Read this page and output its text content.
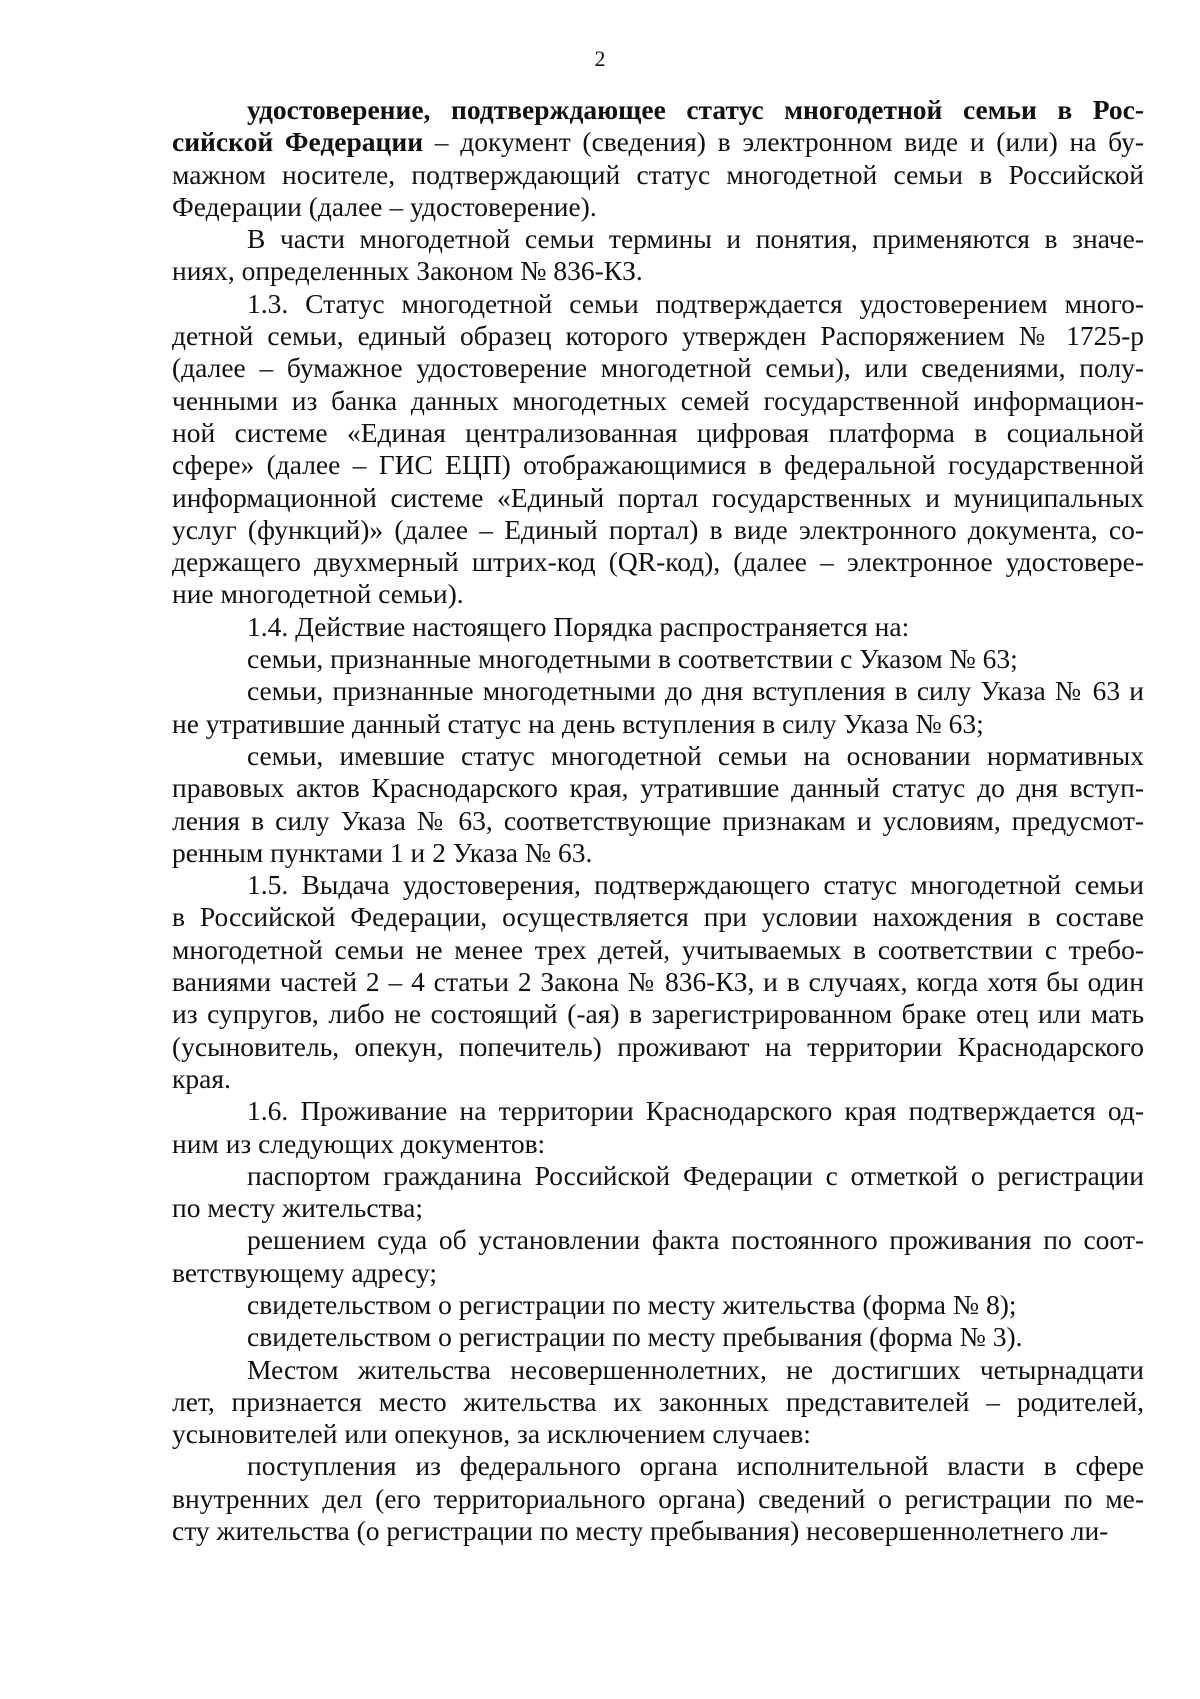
2
удостоверение, подтверждающее статус многодетной семьи в Рос-
сийской Федерации – документ (сведения) в электронном виде и (или) на бу-
мажном носителе, подтверждающий статус многодетной семьи в Российской
Федерации (далее – удостоверение).
В части многодетной семьи термины и понятия, применяются в значе-
ниях, определенных Законом № 836-КЗ.
1.3. Статус многодетной семьи подтверждается удостоверением много-
детной семьи, единый образец которого утвержден Распоряжением № 1725-р
(далее – бумажное удостоверение многодетной семьи), или сведениями, полу-
ченными из банка данных многодетных семей государственной информацион-
ной системе «Единая централизованная цифровая платформа в социальной
сфере» (далее – ГИС ЕЦП) отображающимися в федеральной государственной
информационной системе «Единый портал государственных и муниципальных
услуг (функций)» (далее – Единый портал) в виде электронного документа, со-
держащего двухмерный штрих-код (QR-код), (далее – электронное удостовере-
ние многодетной семьи).
1.4. Действие настоящего Порядка распространяется на:
семьи, признанные многодетными в соответствии с Указом № 63;
семьи, признанные многодетными до дня вступления в силу Указа № 63 и
не утратившие данный статус на день вступления в силу Указа № 63;
семьи, имевшие статус многодетной семьи на основании нормативных
правовых актов Краснодарского края, утратившие данный статус до дня вступ-
ления в силу Указа № 63, соответствующие признакам и условиям, предусмот-
ренным пунктами 1 и 2 Указа № 63.
1.5. Выдача удостоверения, подтверждающего статус многодетной семьи
в Российской Федерации, осуществляется при условии нахождения в составе
многодетной семьи не менее трех детей, учитываемых в соответствии с требо-
ваниями частей 2 – 4 статьи 2 Закона № 836-КЗ, и в случаях, когда хотя бы один
из супругов, либо не состоящий (-ая) в зарегистрированном браке отец или мать
(усыновитель, опекун, попечитель) проживают на территории Краснодарского
края.
1.6. Проживание на территории Краснодарского края подтверждается од-
ним из следующих документов:
паспортом гражданина Российской Федерации с отметкой о регистрации
по месту жительства;
решением суда об установлении факта постоянного проживания по соот-
ветствующему адресу;
свидетельством о регистрации по месту жительства (форма № 8);
свидетельством о регистрации по месту пребывания (форма № 3).
Местом жительства несовершеннолетних, не достигших четырнадцати
лет, признается место жительства их законных представителей – родителей,
усыновителей или опекунов, за исключением случаев:
поступления из федерального органа исполнительной власти в сфере
внутренних дел (его территориального органа) сведений о регистрации по ме-
сту жительства (о регистрации по месту пребывания) несовершеннолетнего ли-
